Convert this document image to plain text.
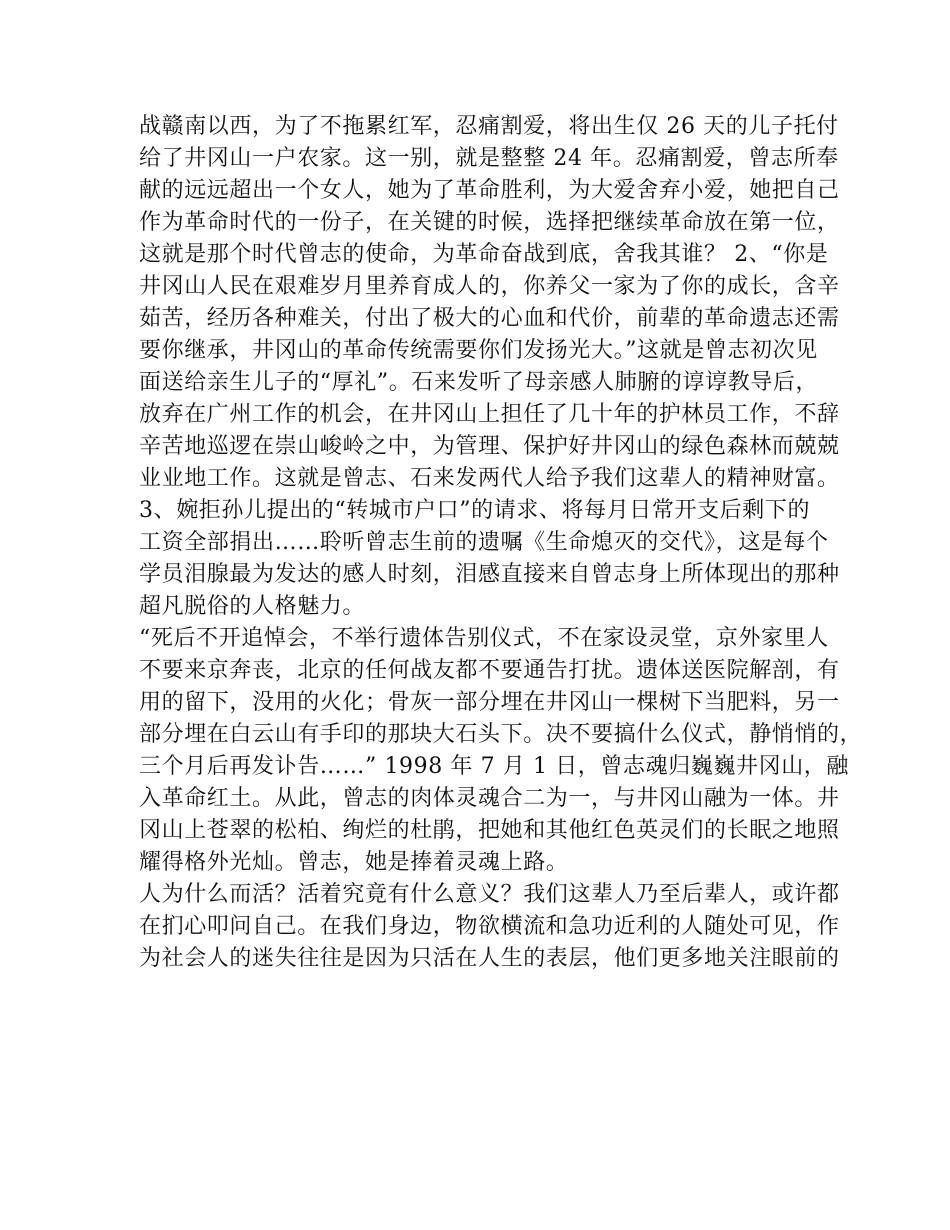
战赣南以西，为了不拖累红军，忍痛割爱，将出生仅 26 天的儿子托付
给了井冈山一户农家。这一别，就是整整 24 年。忍痛割爱，曾志所奉
献的远远超出一个女人，她为了革命胜利，为大爱舍弃小爱，她把自己
作为革命时代的一份子，在关键的时候，选择把继续革命放在第一位，
这就是那个时代曾志的使命，为革命奋战到底，舍我其谁？ 2、“你是
井冈山人民在艰难岁月里养育成人的，你养父一家为了你的成长，含辛
茹苦，经历各种难关，付出了极大的心血和代价，前辈的革命遗志还需
要你继承，井冈山的革命传统需要你们发扬光大。”这就是曾志初次见
面送给亲生儿子的“厚礼”。石来发听了母亲感人肺腑的谆谆教导后，
放弃在广州工作的机会，在井冈山上担任了几十年的护林员工作，不辞
辛苦地巡逻在崇山峻岭之中，为管理、保护好井冈山的绿色森林而兢兢
业业地工作。这就是曾志、石来发两代人给予我们这辈人的精神财富。
3、婉拒孙儿提出的“转城市户口”的请求、将每月日常开支后剩下的
工资全部捐出……聆听曾志生前的遗嘱《生命熄灭的交代》，这是每个
学员泪腺最为发达的感人时刻，泪感直接来自曾志身上所体现出的那种
超凡脱俗的人格魅力。
“死后不开追悼会，不举行遗体告别仪式，不在家设灵堂，京外家里人
不要来京奔丧，北京的任何战友都不要通告打扰。遗体送医院解剖，有
用的留下，没用的火化；骨灰一部分埋在井冈山一棵树下当肥料，另一
部分埋在白云山有手印的那块大石头下。决不要搞什么仪式，静悄悄的，
三个月后再发讣告……” 1998 年 7 月 1 日，曾志魂归巍巍井冈山，融
入革命红土。从此，曾志的肉体灵魂合二为一，与井冈山融为一体。井
冈山上苍翠的松柏、绚烂的杜鹃，把她和其他红色英灵们的长眠之地照
耀得格外光灿。曾志，她是捧着灵魂上路。
人为什么而活？活着究竟有什么意义？我们这辈人乃至后辈人，或许都
在扪心叩问自己。在我们身边，物欲横流和急功近利的人随处可见，作
为社会人的迷失往往是因为只活在人生的表层，他们更多地关注眼前的
